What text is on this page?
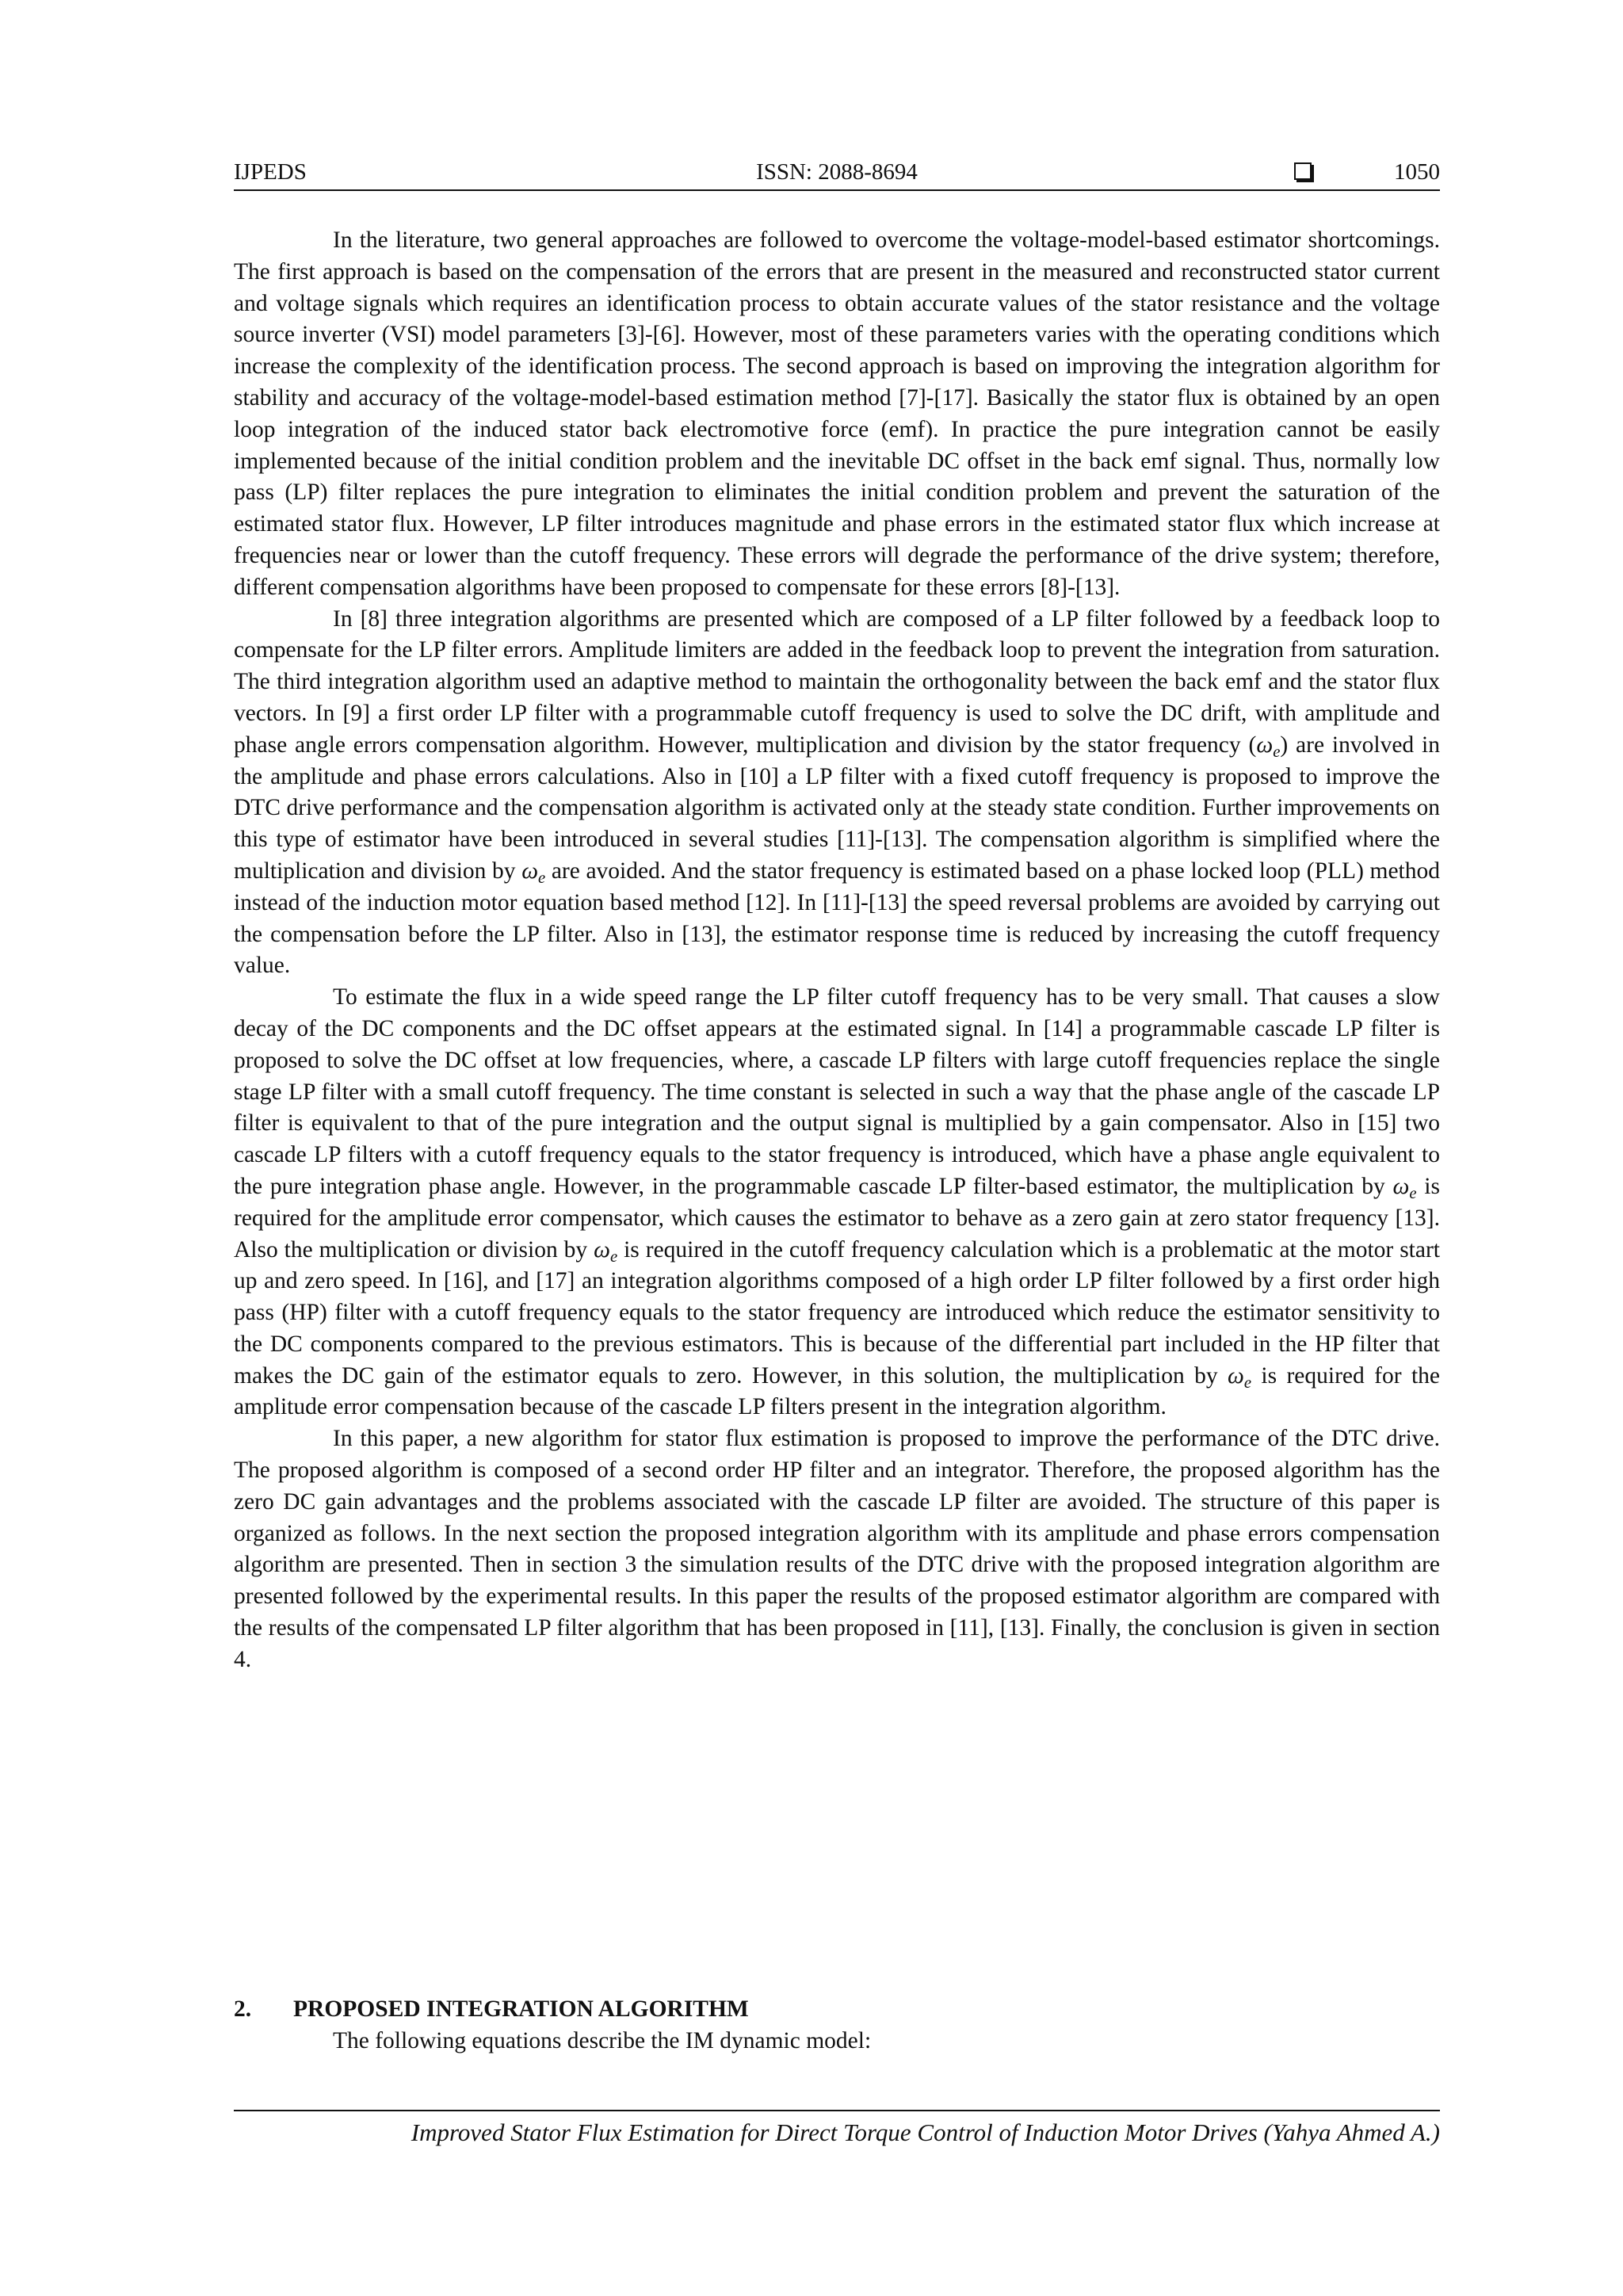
IJPEDS	ISSN: 2088-8694	1050

In the literature, two general approaches are followed to overcome the voltage-model-based estimator shortcomings. The first approach is based on the compensation of the errors that are present in the measured and reconstructed stator current and voltage signals which requires an identification process to obtain accurate values of the stator resistance and the voltage source inverter (VSI) model parameters [3]-[6]. However, most of these parameters varies with the operating conditions which increase the complexity of the identification process. The second approach is based on improving the integration algorithm for stability and accuracy of the voltage-model-based estimation method [7]-[17]. Basically the stator flux is obtained by an open loop integration of the induced stator back electromotive force (emf). In practice the pure integration cannot be easily implemented because of the initial condition problem and the inevitable DC offset in the back emf signal. Thus, normally low pass (LP) filter replaces the pure integration to eliminates the initial condition problem and prevent the saturation of the estimated stator flux. However, LP filter introduces magnitude and phase errors in the estimated stator flux which increase at frequencies near or lower than the cutoff frequency. These errors will degrade the performance of the drive system; therefore, different compensation algorithms have been proposed to compensate for these errors [8]-[13].

In [8] three integration algorithms are presented which are composed of a LP filter followed by a feedback loop to compensate for the LP filter errors. Amplitude limiters are added in the feedback loop to prevent the integration from saturation. The third integration algorithm used an adaptive method to maintain the orthogonality between the back emf and the stator flux vectors. In [9] a first order LP filter with a programmable cutoff frequency is used to solve the DC drift, with amplitude and phase angle errors compensation algorithm. However, multiplication and division by the stator frequency $(\omega_e)$ are involved in the amplitude and phase errors calculations. Also in [10] a LP filter with a fixed cutoff frequency is proposed to improve the DTC drive performance and the compensation algorithm is activated only at the steady state condition. Further improvements on this type of estimator have been introduced in several studies [11]-[13]. The compensation algorithm is simplified where the multiplication and division by $\omega_e$ are avoided. And the stator frequency is estimated based on a phase locked loop (PLL) method instead of the induction motor equation based method [12]. In [11]-[13] the speed reversal problems are avoided by carrying out the compensation before the LP filter. Also in [13], the estimator response time is reduced by increasing the cutoff frequency value.

To estimate the flux in a wide speed range the LP filter cutoff frequency has to be very small. That causes a slow decay of the DC components and the DC offset appears at the estimated signal. In [14] a programmable cascade LP filter is proposed to solve the DC offset at low frequencies, where, a cascade LP filters with large cutoff frequencies replace the single stage LP filter with a small cutoff frequency. The time constant is selected in such a way that the phase angle of the cascade LP filter is equivalent to that of the pure integration and the output signal is multiplied by a gain compensator. Also in [15] two cascade LP filters with a cutoff frequency equals to the stator frequency is introduced, which have a phase angle equivalent to the pure integration phase angle. However, in the programmable cascade LP filter-based estimator, the multiplication by $\omega_e$ is required for the amplitude error compensator, which causes the estimator to behave as a zero gain at zero stator frequency [13]. Also the multiplication or division by $\omega_e$ is required in the cutoff frequency calculation which is a problematic at the motor start up and zero speed. In [16], and [17] an integration algorithms composed of a high order LP filter followed by a first order high pass (HP) filter with a cutoff frequency equals to the stator frequency are introduced which reduce the estimator sensitivity to the DC components compared to the previous estimators. This is because of the differential part included in the HP filter that makes the DC gain of the estimator equals to zero. However, in this solution, the multiplication by $\omega_e$ is required for the amplitude error compensation because of the cascade LP filters present in the integration algorithm.

In this paper, a new algorithm for stator flux estimation is proposed to improve the performance of the DTC drive. The proposed algorithm is composed of a second order HP filter and an integrator. Therefore, the proposed algorithm has the zero DC gain advantages and the problems associated with the cascade LP filter are avoided. The structure of this paper is organized as follows. In the next section the proposed integration algorithm with its amplitude and phase errors compensation algorithm are presented. Then in section 3 the simulation results of the DTC drive with the proposed integration algorithm are presented followed by the experimental results. In this paper the results of the proposed estimator algorithm are compared with the results of the compensated LP filter algorithm that has been proposed in [11], [13]. Finally, the conclusion is given in section 4.

2. PROPOSED INTEGRATION ALGORITHM
The following equations describe the IM dynamic model:
Improved Stator Flux Estimation for Direct Torque Control of Induction Motor Drives (Yahya Ahmed A.)
